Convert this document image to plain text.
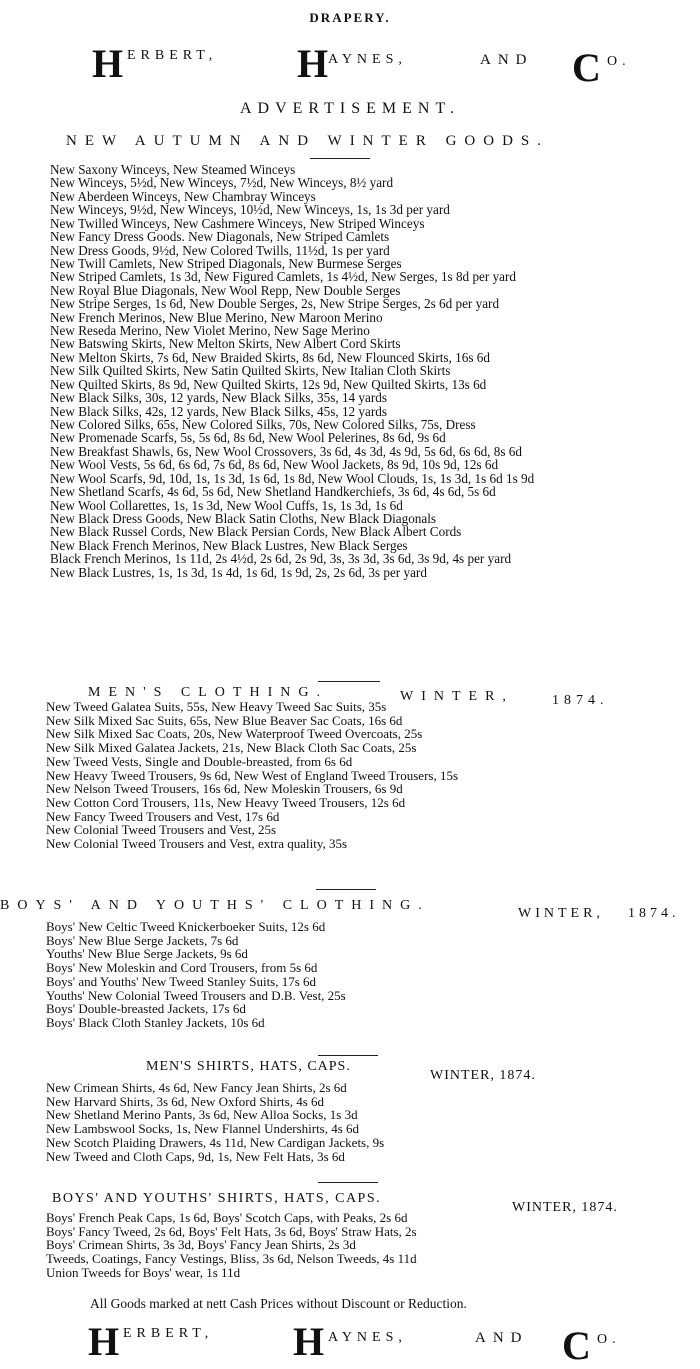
DRAPERY.
H ERBERT, H AYNES,	AND C O.
ADVERTISEMENT.
NEW AUTUMN AND WINTER GOODS.
New Saxony Winceys, New Steamed Winceys
New Winceys, 5½d, New Winceys, 7½d, New Winceys, 8½ yard
New Aberdeen Winceys, New Chambray Winceys
New Winceys, 9½d, New Winceys, 10½d, New Winceys, 1s, 1s 3d per yard
New Twilled Winceys, New Cashmere Winceys, New Striped Winceys
New Fancy Dress Goods. New Diagonals, New Striped Camlets
New Dress Goods, 9½d, New Colored Twills, 11½d, 1s per yard
New Twill Camlets, New Striped Diagonals, New Burmese Serges
New Striped Camlets, 1s 3d, New Figured Camlets, 1s 4½d, New Serges, 1s 8d per yard
New Royal Blue Diagonals, New Wool Repp, New Double Serges
New Stripe Serges, 1s 6d, New Double Serges, 2s, New Stripe Serges, 2s 6d per yard
New French Merinos, New Blue Merino, New Maroon Merino
New Reseda Merino, New Violet Merino, New Sage Merino
New Batswing Skirts, New Melton Skirts, New Albert Cord Skirts
New Melton Skirts, 7s 6d, New Braided Skirts, 8s 6d, New Flounced Skirts, 16s 6d
New Silk Quilted Skirts, New Satin Quilted Skirts, New Italian Cloth Skirts
New Quilted Skirts, 8s 9d, New Quilted Skirts, 12s 9d, New Quilted Skirts, 13s 6d
New Black Silks, 30s, 12 yards, New Black Silks, 35s, 14 yards
New Black Silks, 42s, 12 yards, New Black Silks, 45s, 12 yards
New Colored Silks, 65s, New Colored Silks, 70s, New Colored Silks, 75s, Dress
New Promenade Scarfs, 5s, 5s 6d, 8s 6d, New Wool Pelerines, 8s 6d, 9s 6d
New Breakfast Shawls, 6s, New Wool Crossovers, 3s 6d, 4s 3d, 4s 9d, 5s 6d, 6s 6d, 8s 6d
New Wool Vests, 5s 6d, 6s 6d, 7s 6d, 8s 6d, New Wool Jackets, 8s 9d, 10s 9d, 12s 6d
New Wool Scarfs, 9d, 10d, 1s, 1s 3d, 1s 6d, 1s 8d, New Wool Clouds, 1s, 1s 3d, 1s 6d 1s 9d
New Shetland Scarfs, 4s 6d, 5s 6d, New Shetland Handkerchiefs, 3s 6d, 4s 6d, 5s 6d
New Wool Collarettes, 1s, 1s 3d, New Wool Cuffs, 1s, 1s 3d, 1s 6d
New Black Dress Goods, New Black Satin Cloths, New Black Diagonals
New Black Russel Cords, New Black Persian Cords, New Black Albert Cords
New Black French Merinos, New Black Lustres, New Black Serges
Black French Merinos, 1s 11d, 2s 4½d, 2s 6d, 2s 9d, 3s, 3s 3d, 3s 6d, 3s 9d, 4s per yard
New Black Lustres, 1s, 1s 3d, 1s 4d, 1s 6d, 1s 9d, 2s, 2s 6d, 3s per yard
MEN'S CLOTHING.	WINTER,	1874.
New Tweed Galatea Suits, 55s, New Heavy Tweed Sac Suits, 35s
New Silk Mixed Sac Suits, 65s, New Blue Beaver Sac Coats, 16s 6d
New Silk Mixed Sac Coats, 20s, New Waterproof Tweed Overcoats, 25s
New Silk Mixed Galatea Jackets, 21s, New Black Cloth Sac Coats, 25s
New Tweed Vests, Single and Double-breasted, from 6s 6d
New Heavy Tweed Trousers, 9s 6d, New West of England Tweed Trousers, 15s
New Nelson Tweed Trousers, 16s 6d, New Moleskin Trousers, 6s 9d
New Cotton Cord Trousers, 11s, New Heavy Tweed Trousers, 12s 6d
New Fancy Tweed Trousers and Vest, 17s 6d
New Colonial Tweed Trousers and Vest, 25s
New Colonial Tweed Trousers and Vest, extra quality, 35s
BOYS' AND YOUTHS' CLOTHING.
WINTER, 1874.
Boys' New Celtic Tweed Knickerboeker Suits, 12s 6d
Boys' New Blue Serge Jackets, 7s 6d
Youths' New Blue Serge Jackets, 9s 6d
Boys' New Moleskin and Cord Trousers, from 5s 6d
Boys' and Youths' New Tweed Stanley Suits, 17s 6d
Youths' New Colonial Tweed Trousers and D.B. Vest, 25s
Boys' Double-breasted Jackets, 17s 6d
Boys' Black Cloth Stanley Jackets, 10s 6d
MEN'S SHIRTS, HATS, CAPS.
WINTER, 1874.
New Crimean Shirts, 4s 6d, New Fancy Jean Shirts, 2s 6d
New Harvard Shirts, 3s 6d, New Oxford Shirts, 4s 6d
New Shetland Merino Pants, 3s 6d, New Alloa Socks, 1s 3d
New Lambswool Socks, 1s, New Flannel Undershirts, 4s 6d
New Scotch Plaiding Drawers, 4s 11d, New Cardigan Jackets, 9s
New Tweed and Cloth Caps, 9d, 1s, New Felt Hats, 3s 6d
BOYS' AND YOUTHS' SHIRTS, HATS, CAPS.
WINTER, 1874.
Boys' French Peak Caps, 1s 6d, Boys' Scotch Caps, with Peaks, 2s 6d
Boys' Fancy Tweed, 2s 6d, Boys' Felt Hats, 3s 6d, Boys' Straw Hats, 2s
Boys' Crimean Shirts, 3s 3d, Boys' Fancy Jean Shirts, 2s 3d
Tweeds, Coatings, Fancy Vestings, Bliss, 3s 6d, Nelson Tweeds, 4s 11d
Union Tweeds for Boys' wear, 1s 11d
All Goods marked at nett Cash Prices without Discount or Reduction.
H ERBERT, H AYNES,	AND C O.
